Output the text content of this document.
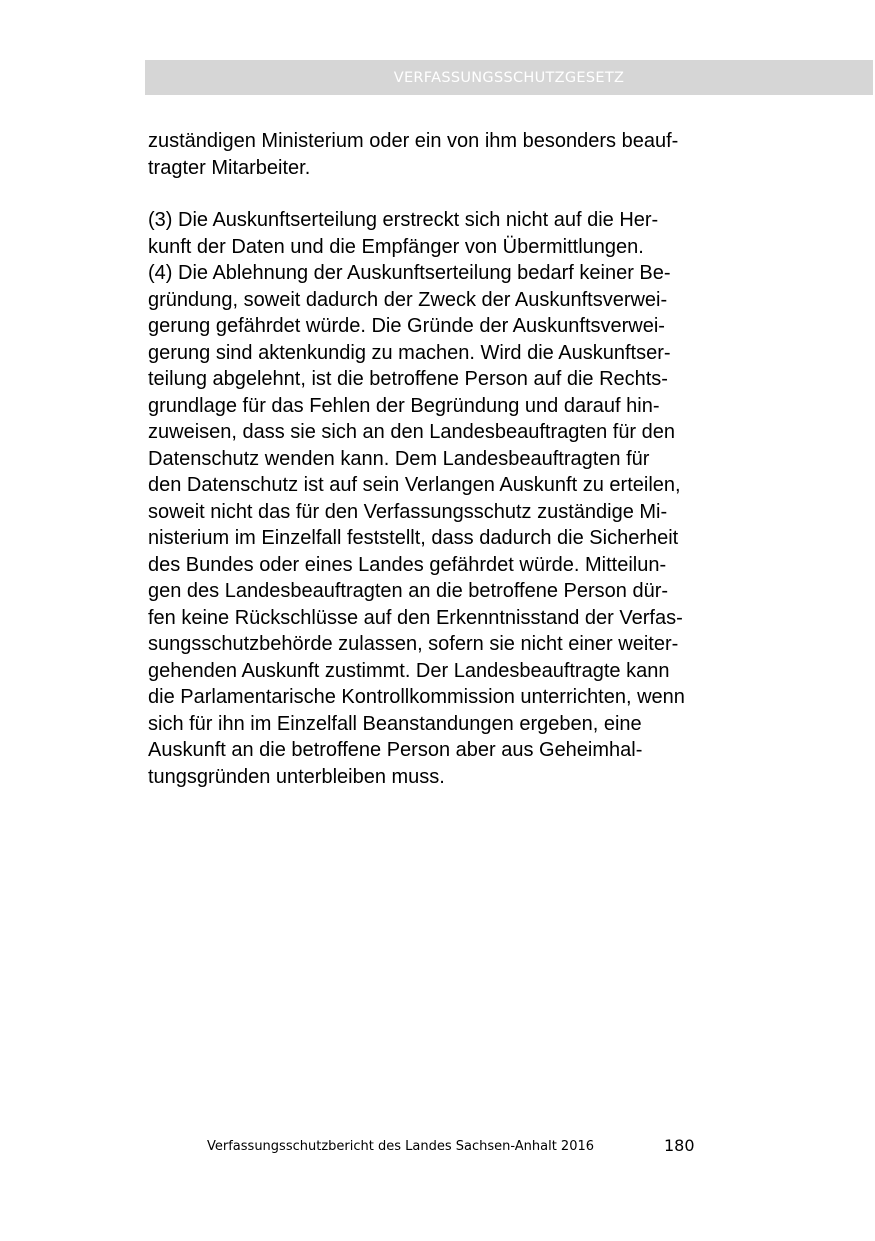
VERFASSUNGSSCHUTZGESETZ
zuständigen Ministerium oder ein von ihm besonders beauf-
tragter Mitarbeiter.
(3) Die Auskunftserteilung erstreckt sich nicht auf die Her-
kunft der Daten und die Empfänger von Übermittlungen.
(4) Die Ablehnung der Auskunftserteilung bedarf keiner Be-
gründung, soweit dadurch der Zweck der Auskunftsverwei-
gerung gefährdet würde. Die Gründe der Auskunftsverwei-
gerung sind aktenkundig zu machen. Wird die Auskunftser-
teilung abgelehnt, ist die betroffene Person auf die Rechts-
grundlage für das Fehlen der Begründung und darauf hin-
zuweisen, dass sie sich an den Landesbeauftragten für den
Datenschutz wenden kann. Dem Landesbeauftragten für
den Datenschutz ist auf sein Verlangen Auskunft zu erteilen,
soweit nicht das für den Verfassungsschutz zuständige Mi-
nisterium im Einzelfall feststellt, dass dadurch die Sicherheit
des Bundes oder eines Landes gefährdet würde. Mitteilun-
gen des Landesbeauftragten an die betroffene Person dür-
fen keine Rückschlüsse auf den Erkenntnisstand der Verfas-
sungsschutzbehörde zulassen, sofern sie nicht einer weiter-
gehenden Auskunft zustimmt. Der Landesbeauftragte kann
die Parlamentarische Kontrollkommission unterrichten, wenn
sich für ihn im Einzelfall Beanstandungen ergeben, eine
Auskunft an die betroffene Person aber aus Geheimhal-
tungsgründen unterbleiben muss.
Verfassungsschutzbericht des Landes Sachsen-Anhalt 2016	180
